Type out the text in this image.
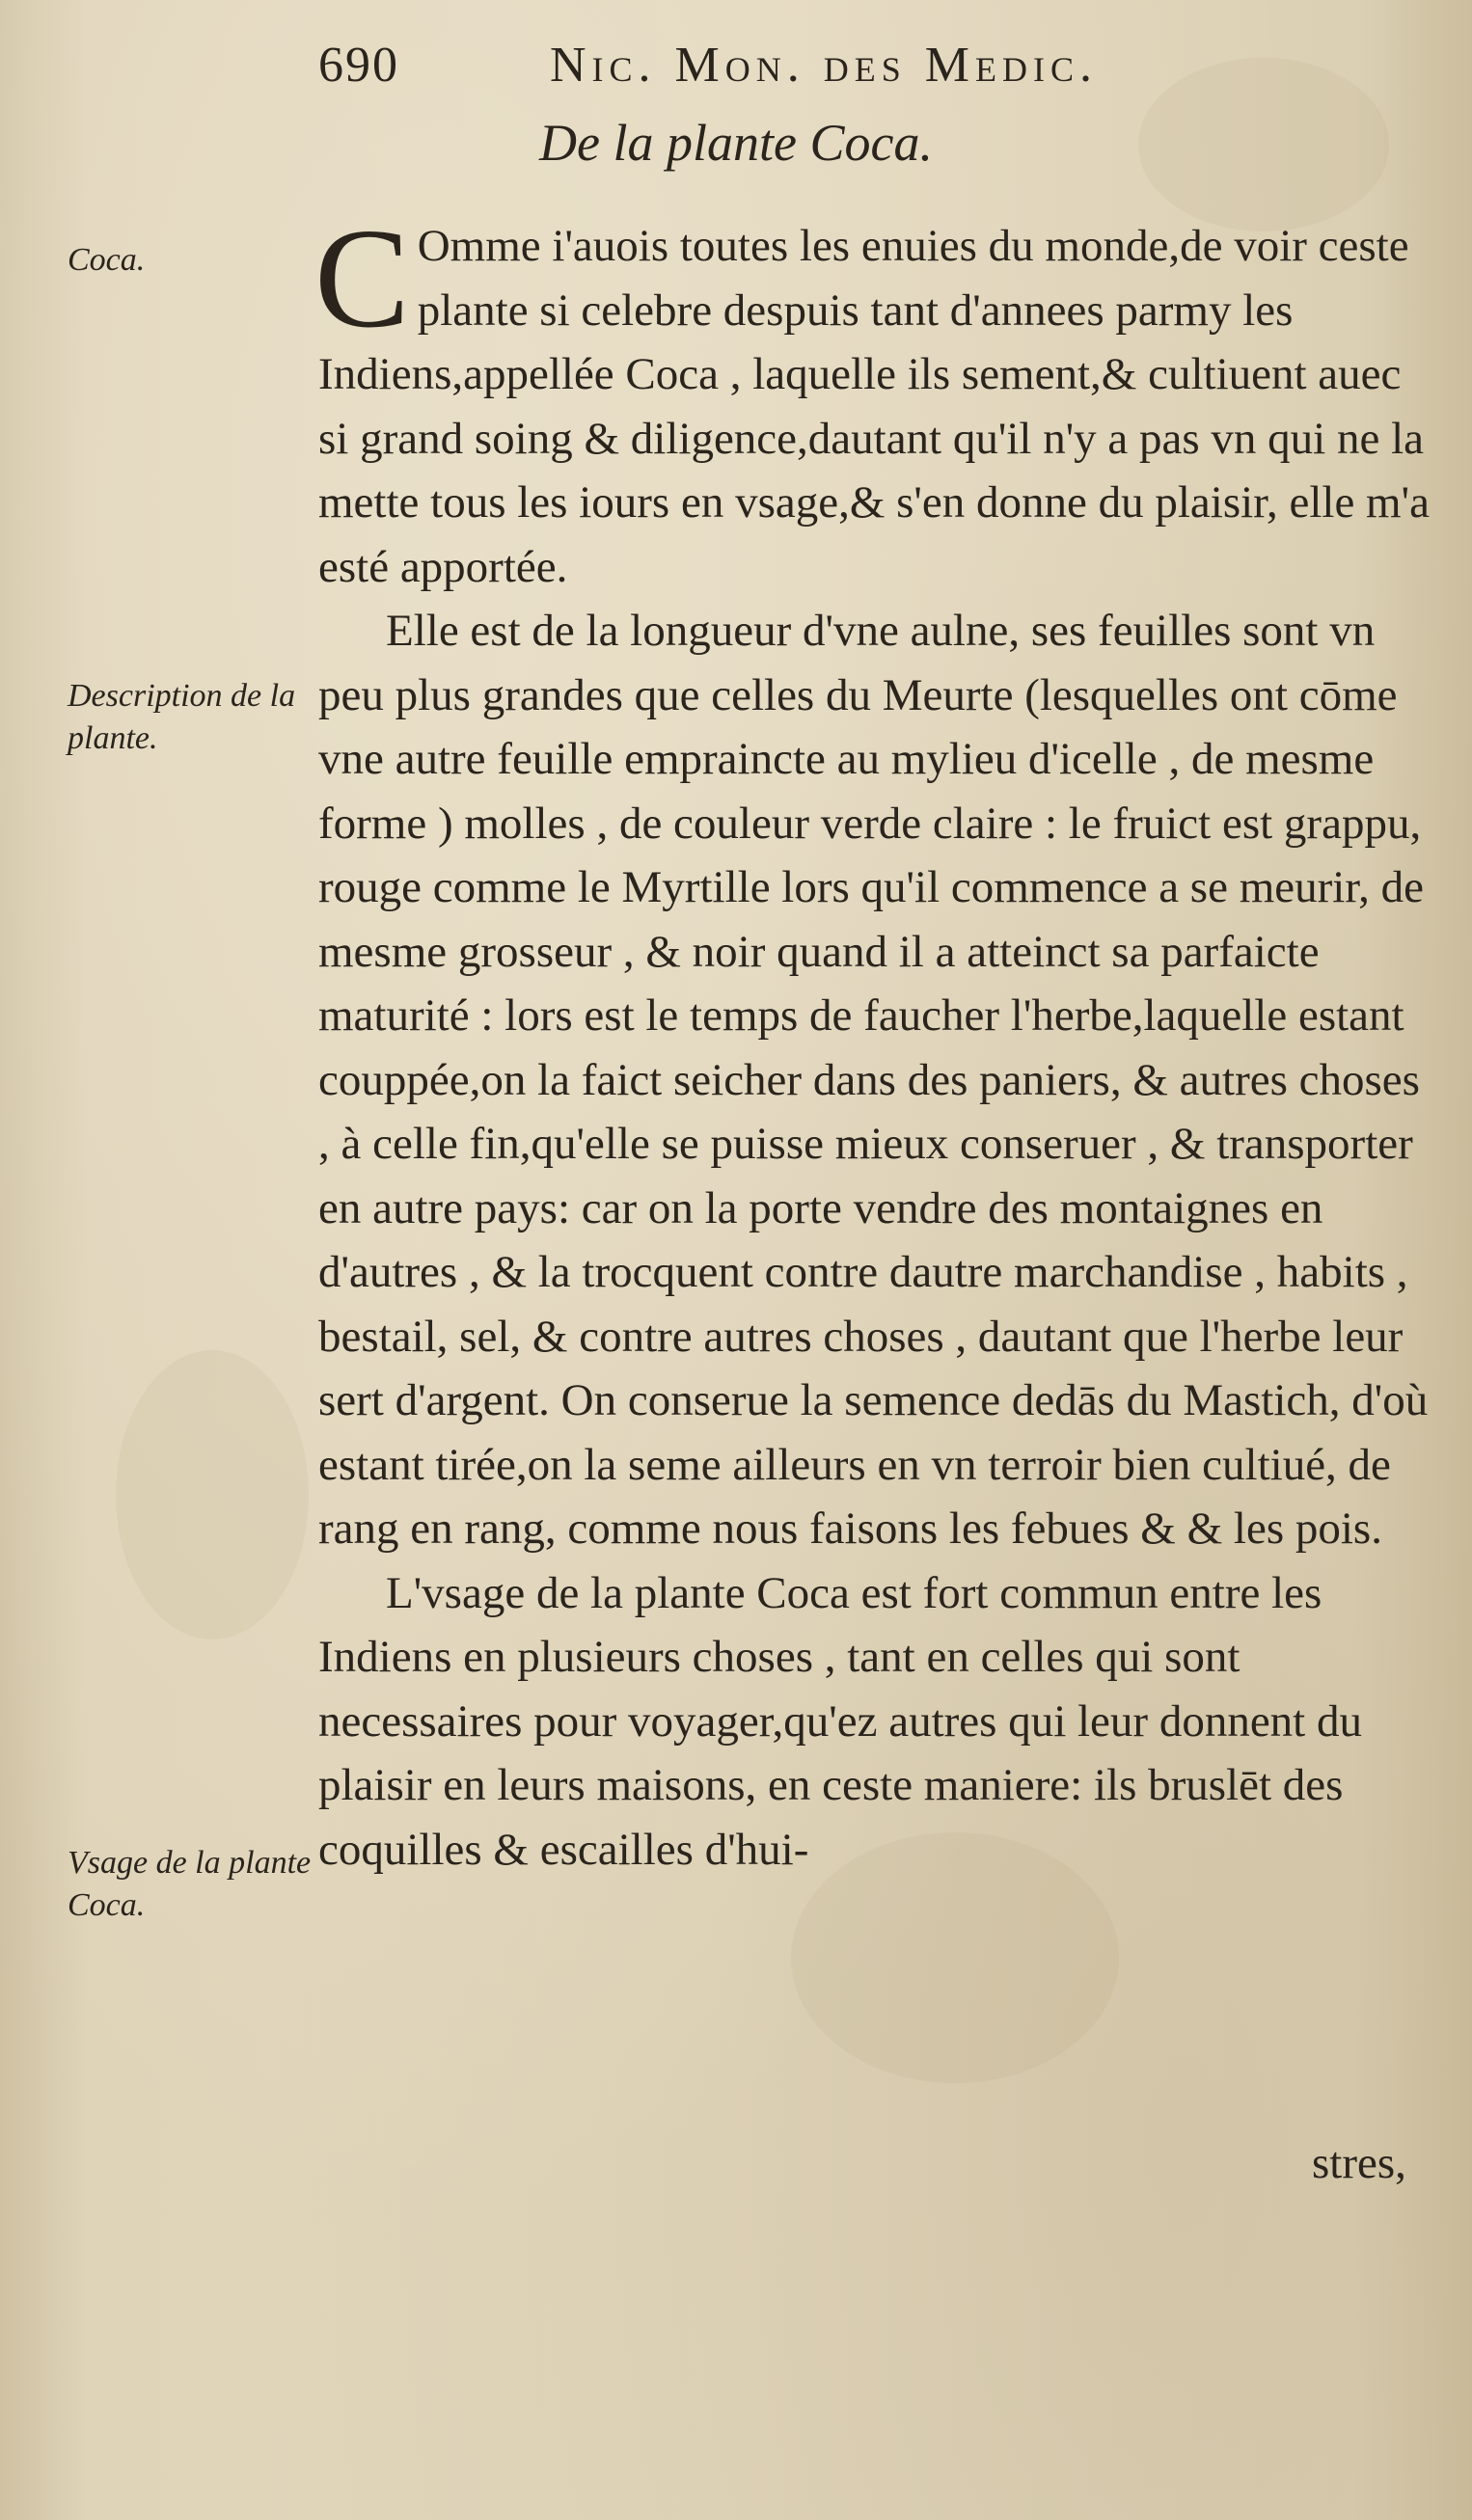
690	Nic. Mon. des Medic.
De la plante Coca.
Coca.
Description de la plante.
Vsage de la plante Coca.

C Omme i'auois toutes les enuies du monde,de voir ceste plante si celebre despuis tant d'annees parmy les Indiens,appellée Coca , laquelle ils sement,& cultiuent auec si grand soing & diligence,dautant qu'il n'y a pas vn qui ne la mette tous les iours en vsage,& s'en donne du plaisir, elle m'a esté apportée.

Elle est de la longueur d'vne aulne, ses feuilles sont vn peu plus grandes que celles du Meurte (lesquelles ont cōme vne autre feuille empraincte au mylieu d'icelle , de mesme forme ) molles , de couleur verde claire : le fruict est grappu, rouge comme le Myrtille lors qu'il commence a se meurir, de mesme grosseur , & noir quand il a atteinct sa parfaicte maturité : lors est le temps de faucher l'herbe,laquelle estant couppée,on la faict seicher dans des paniers, & autres choses , à celle fin,qu'elle se puisse mieux conseruer , & transporter en autre pays: car on la porte vendre des montaignes en d'autres , & la trocquent contre dautre marchandise , habits , bestail, sel, & contre autres choses , dautant que l'herbe leur sert d'argent. On conserue la semence dedās du Mastich, d'où estant tirée,on la seme ailleurs en vn terroir bien cultiué, de rang en rang, comme nous faisons les febues & & les pois.

L'vsage de la plante Coca est fort commun entre les Indiens en plusieurs choses , tant en celles qui sont necessaires pour voyager,qu'ez autres qui leur donnent du plaisir en leurs maisons, en ceste maniere: ils bruslēt des coquilles & escailles d'hui-

stres,
